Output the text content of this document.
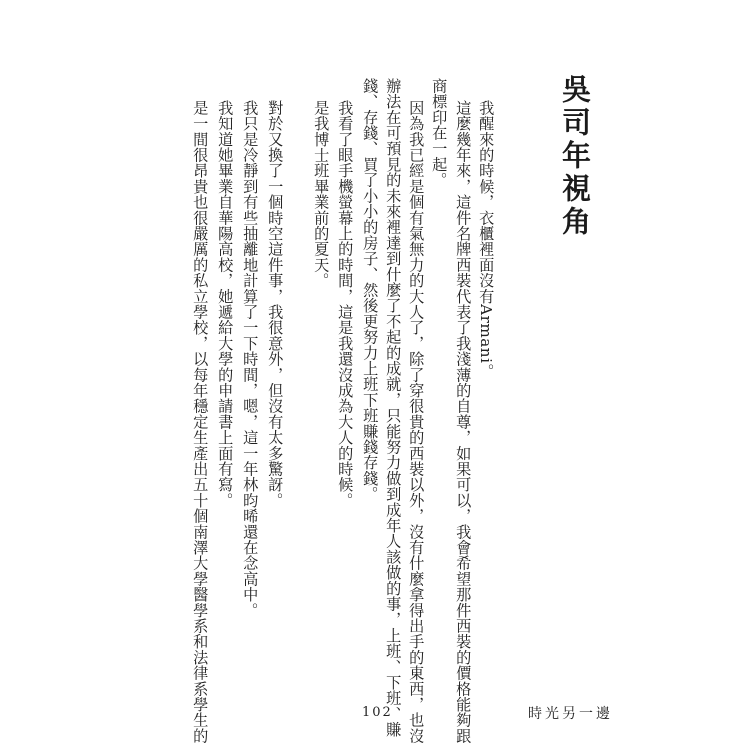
吳司年視角
我醒來的時候，衣櫃裡面沒有Armani。
這麼幾年來，這件名牌西裝代表了我淺薄的自尊，如果可以，我會希望那件西裝的價格能夠跟
商標印在一起。
因為我已經是個有氣無力的大人了，除了穿很貴的西裝以外，沒有什麼拿得出手的東西，也沒
辦法在可預見的未來裡達到什麼了不起的成就，只能努力做到成年人該做的事，上班、下班、賺
錢、存錢、買了小小的房子、然後更努力上班下班賺錢存錢。
我看了眼手機螢幕上的時間，這是我還沒成為大人的時候。
是我博士班畢業前的夏天。
對於又換了一個時空這件事，我很意外，但沒有太多驚訝。
我只是冷靜到有些抽離地計算了一下時間，嗯，這一年林昀晞還在念高中。
我知道她畢業自華陽高校，她遞給大學的申請書上面有寫。
是一間很昂貴也很嚴厲的私立學校，以每年穩定生產出五十個南澤大學醫學系和法律系學生的	102	時光另一邊
